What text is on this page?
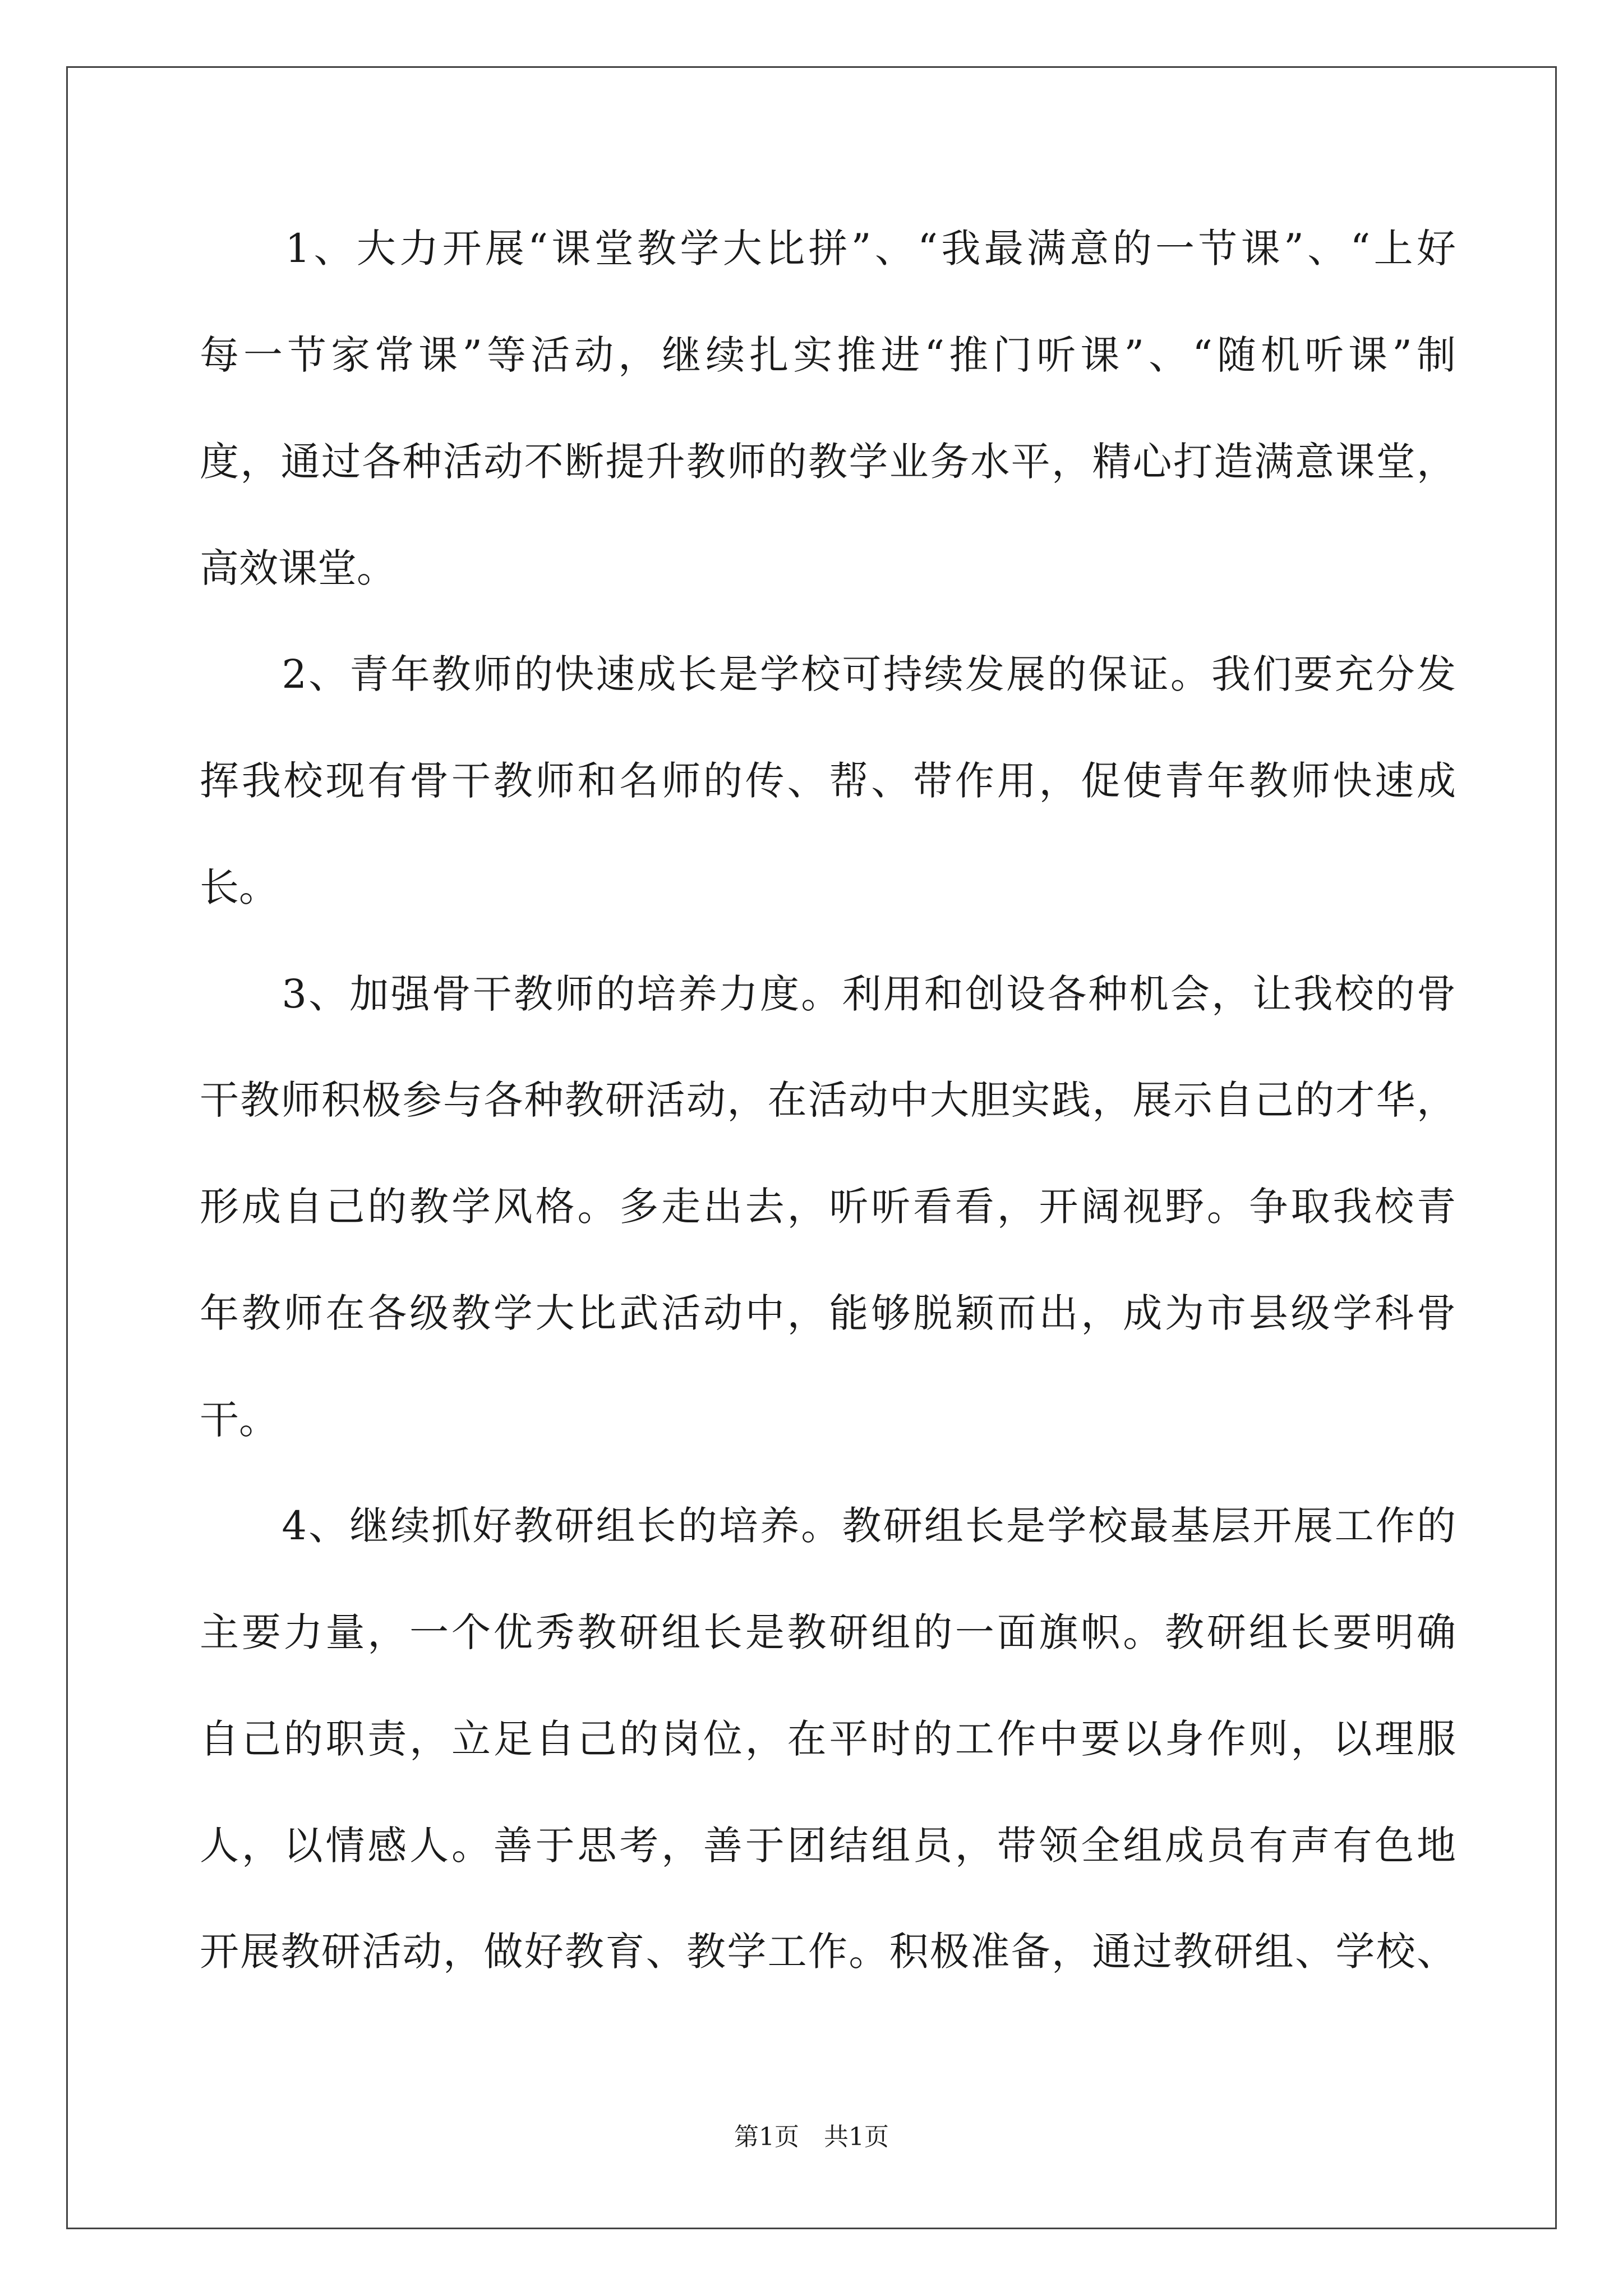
　　1、大力开展“课堂教学大比拼”、“我最满意的一节课”、“上好
每一节家常课”等活动，继续扎实推进“推门听课”、“随机听课”制
度，通过各种活动不断提升教师的教学业务水平，精心打造满意课堂，
高效课堂。
　　2、青年教师的快速成长是学校可持续发展的保证。我们要充分发
挥我校现有骨干教师和名师的传、帮、带作用，促使青年教师快速成
长。
　　3、加强骨干教师的培养力度。利用和创设各种机会，让我校的骨
干教师积极参与各种教研活动，在活动中大胆实践，展示自己的才华，
形成自己的教学风格。多走出去，听听看看，开阔视野。争取我校青
年教师在各级教学大比武活动中，能够脱颖而出，成为市县级学科骨
干。
　　4、继续抓好教研组长的培养。教研组长是学校最基层开展工作的
主要力量，一个优秀教研组长是教研组的一面旗帜。教研组长要明确
自己的职责，立足自己的岗位，在平时的工作中要以身作则，以理服
人，以情感人。善于思考，善于团结组员，带领全组成员有声有色地
开展教研活动，做好教育、教学工作。积极准备，通过教研组、学校、
第1页　共1页
